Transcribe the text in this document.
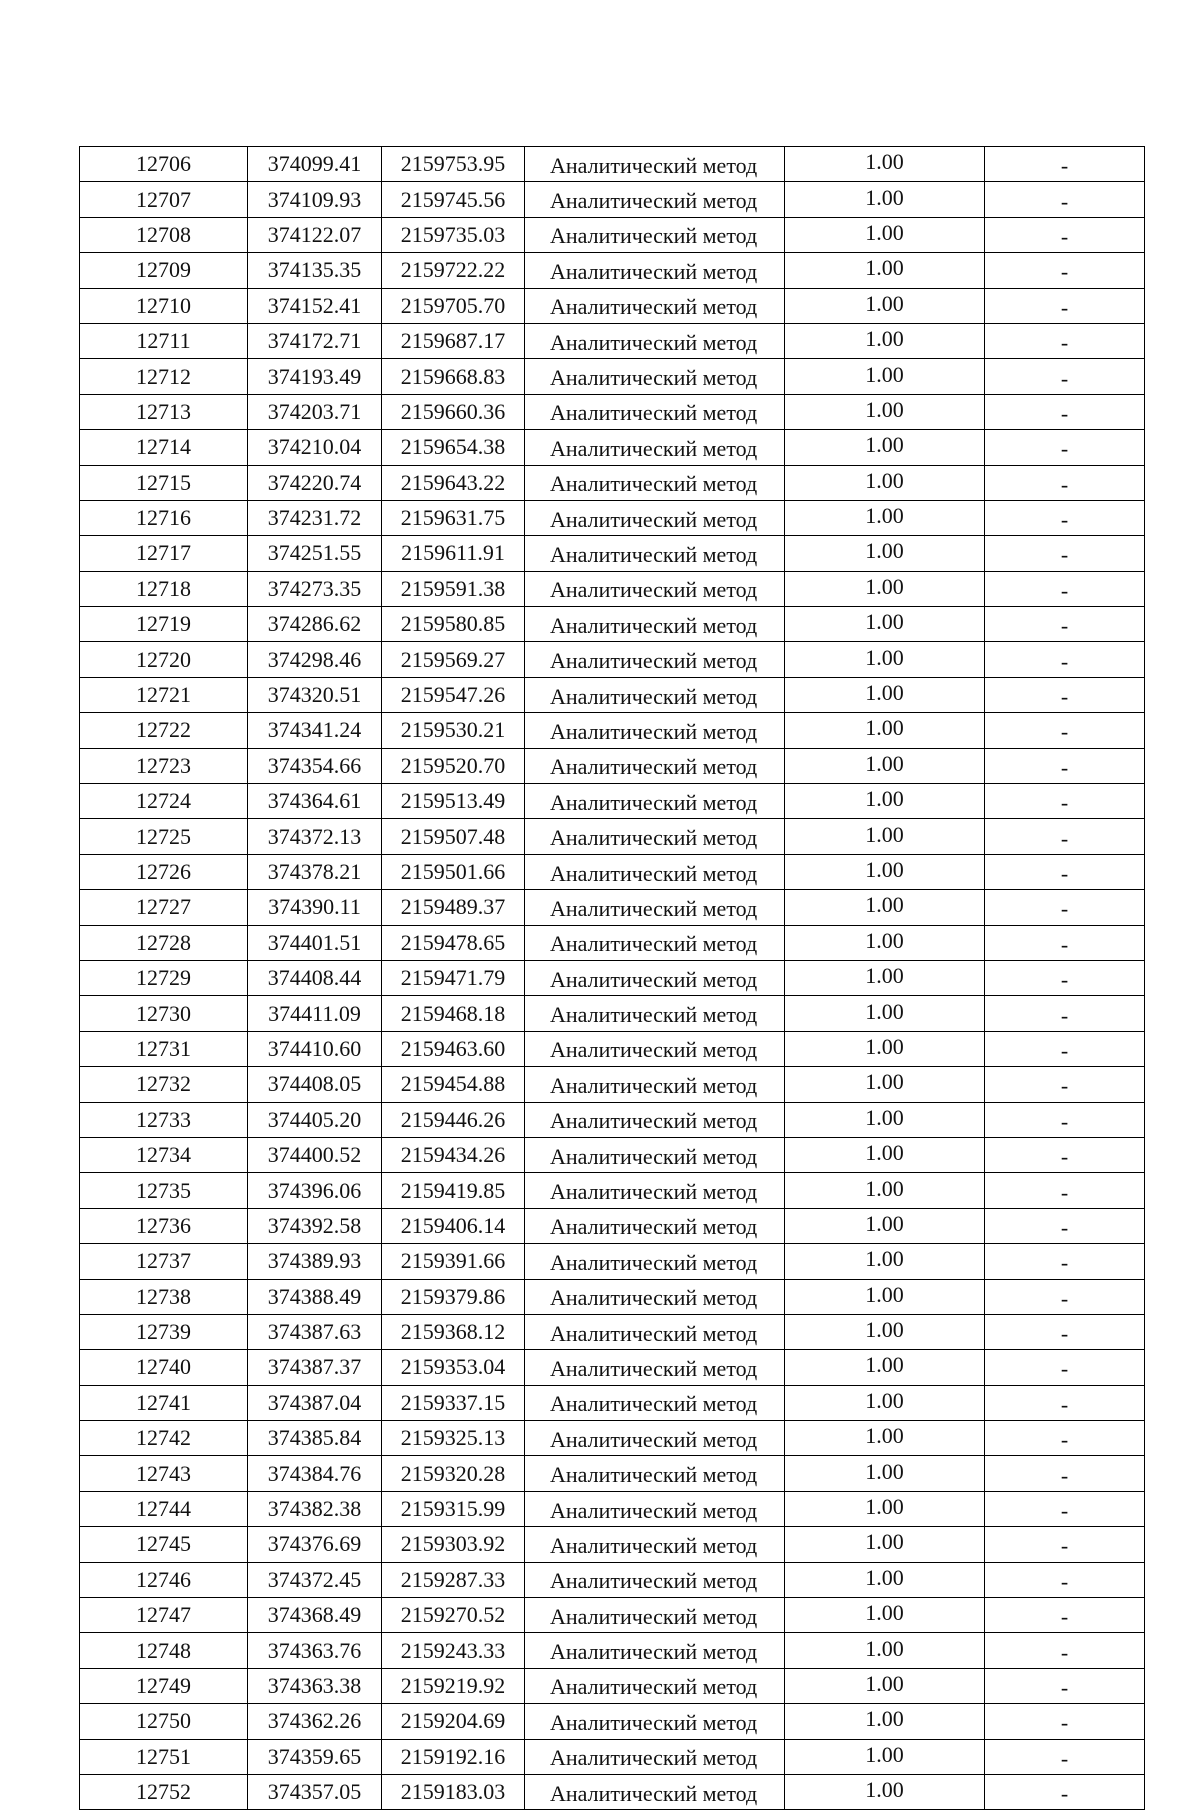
12706	374099.41	2159753.95	Аналитический метод	1.00	-
12707	374109.93	2159745.56	Аналитический метод	1.00	-
12708	374122.07	2159735.03	Аналитический метод	1.00	-
12709	374135.35	2159722.22	Аналитический метод	1.00	-
12710	374152.41	2159705.70	Аналитический метод	1.00	-
12711	374172.71	2159687.17	Аналитический метод	1.00	-
12712	374193.49	2159668.83	Аналитический метод	1.00	-
12713	374203.71	2159660.36	Аналитический метод	1.00	-
12714	374210.04	2159654.38	Аналитический метод	1.00	-
12715	374220.74	2159643.22	Аналитический метод	1.00	-
12716	374231.72	2159631.75	Аналитический метод	1.00	-
12717	374251.55	2159611.91	Аналитический метод	1.00	-
12718	374273.35	2159591.38	Аналитический метод	1.00	-
12719	374286.62	2159580.85	Аналитический метод	1.00	-
12720	374298.46	2159569.27	Аналитический метод	1.00	-
12721	374320.51	2159547.26	Аналитический метод	1.00	-
12722	374341.24	2159530.21	Аналитический метод	1.00	-
12723	374354.66	2159520.70	Аналитический метод	1.00	-
12724	374364.61	2159513.49	Аналитический метод	1.00	-
12725	374372.13	2159507.48	Аналитический метод	1.00	-
12726	374378.21	2159501.66	Аналитический метод	1.00	-
12727	374390.11	2159489.37	Аналитический метод	1.00	-
12728	374401.51	2159478.65	Аналитический метод	1.00	-
12729	374408.44	2159471.79	Аналитический метод	1.00	-
12730	374411.09	2159468.18	Аналитический метод	1.00	-
12731	374410.60	2159463.60	Аналитический метод	1.00	-
12732	374408.05	2159454.88	Аналитический метод	1.00	-
12733	374405.20	2159446.26	Аналитический метод	1.00	-
12734	374400.52	2159434.26	Аналитический метод	1.00	-
12735	374396.06	2159419.85	Аналитический метод	1.00	-
12736	374392.58	2159406.14	Аналитический метод	1.00	-
12737	374389.93	2159391.66	Аналитический метод	1.00	-
12738	374388.49	2159379.86	Аналитический метод	1.00	-
12739	374387.63	2159368.12	Аналитический метод	1.00	-
12740	374387.37	2159353.04	Аналитический метод	1.00	-
12741	374387.04	2159337.15	Аналитический метод	1.00	-
12742	374385.84	2159325.13	Аналитический метод	1.00	-
12743	374384.76	2159320.28	Аналитический метод	1.00	-
12744	374382.38	2159315.99	Аналитический метод	1.00	-
12745	374376.69	2159303.92	Аналитический метод	1.00	-
12746	374372.45	2159287.33	Аналитический метод	1.00	-
12747	374368.49	2159270.52	Аналитический метод	1.00	-
12748	374363.76	2159243.33	Аналитический метод	1.00	-
12749	374363.38	2159219.92	Аналитический метод	1.00	-
12750	374362.26	2159204.69	Аналитический метод	1.00	-
12751	374359.65	2159192.16	Аналитический метод	1.00	-
12752	374357.05	2159183.03	Аналитический метод	1.00	-
